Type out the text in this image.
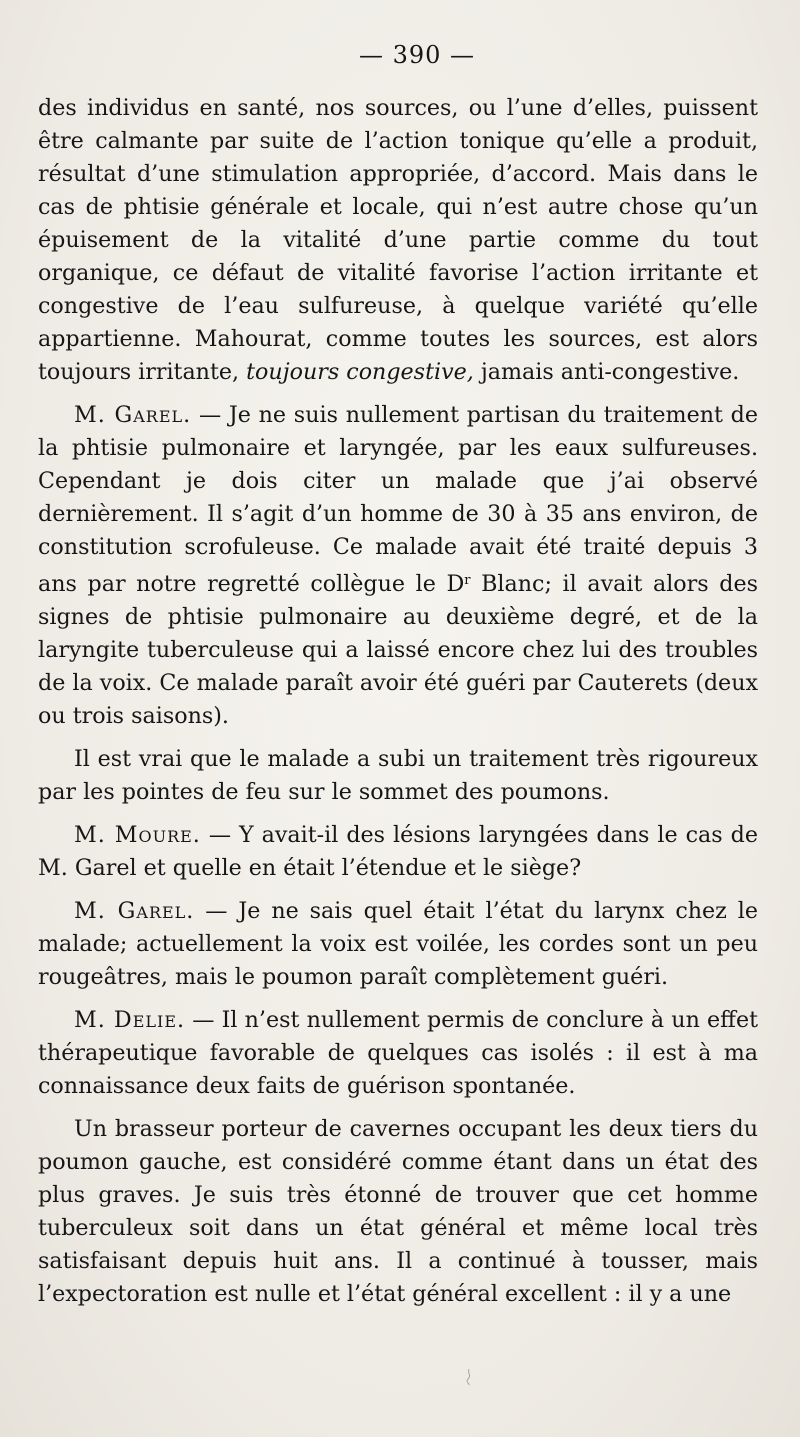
— 390 —

des individus en santé, nos sources, ou l’une d’elles, puissent être calmante par suite de l’action tonique qu’elle a produit, résultat d’une stimulation appropriée, d’accord. Mais dans le cas de phtisie générale et locale, qui n’est autre chose qu’un épuisement de la vitalité d’une partie comme du tout organique, ce défaut de vitalité favorise l’action irritante et congestive de l’eau sulfureuse, à quelque variété qu’elle appartienne. Mahourat, comme toutes les sources, est alors toujours irritante, toujours congestive, jamais anti-congestive.

M. Garel. — Je ne suis nullement partisan du traitement de la phtisie pulmonaire et laryngée, par les eaux sulfureuses. Cependant je dois citer un malade que j’ai observé dernièrement. Il s’agit d’un homme de 30 à 35 ans environ, de constitution scrofuleuse. Ce malade avait été traité depuis 3 ans par notre regretté collègue le $D^r$ Blanc; il avait alors des signes de phtisie pulmonaire au deuxième degré, et de la laryngite tuberculeuse qui a laissé encore chez lui des troubles de la voix. Ce malade paraît avoir été guéri par Cauterets (deux ou trois saisons).

Il est vrai que le malade a subi un traitement très rigoureux par les pointes de feu sur le sommet des poumons.

M. Moure. — Y avait-il des lésions laryngées dans le cas de M. Garel et quelle en était l’étendue et le siège?

M. Garel. — Je ne sais quel était l’état du larynx chez le malade; actuellement la voix est voilée, les cordes sont un peu rougeâtres, mais le poumon paraît complètement guéri.

M. Delie. — Il n’est nullement permis de conclure à un effet thérapeutique favorable de quelques cas isolés : il est à ma connaissance deux faits de guérison spontanée.

Un brasseur porteur de cavernes occupant les deux tiers du poumon gauche, est considéré comme étant dans un état des plus graves. Je suis très étonné de trouver que cet homme tuberculeux soit dans un état général et même local très satisfaisant depuis huit ans. Il a continué à tousser, mais l’expectoration est nulle et l’état général excellent : il y a une
